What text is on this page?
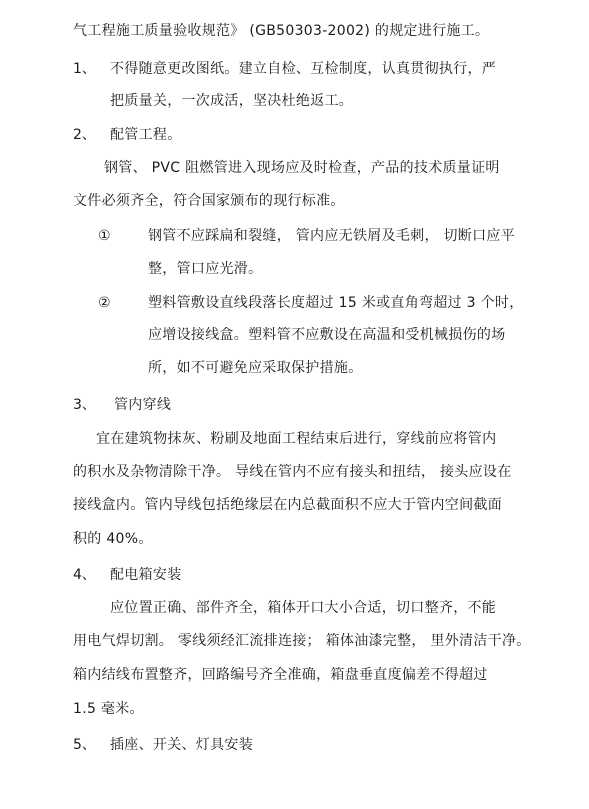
气工程施工质量验收规范》 (GB50303-2002) 的规定进行施工。
1、 不得随意更改图纸。建立自检、互检制度，认真贯彻执行，严
把质量关，一次成活，坚决杜绝返工。
2、 配管工程。
钢管、 PVC 阻燃管进入现场应及时检查，产品的技术质量证明
文件必须齐全，符合国家颁布的现行标准。
①	钢管不应踩扁和裂缝， 管内应无铁屑及毛刺， 切断口应平
整，管口应光滑。
②	塑料管敷设直线段落长度超过 15 米或直角弯超过 3 个时，
应增设接线盒。塑料管不应敷设在高温和受机械损伤的场
所，如不可避免应采取保护措施。
3、 管内穿线
宜在建筑物抹灰、粉刷及地面工程结束后进行，穿线前应将管内
的积水及杂物清除干净。 导线在管内不应有接头和扭结， 接头应设在
接线盒内。管内导线包括绝缘层在内总截面积不应大于管内空间截面
积的 40%。
4、 配电箱安装
应位置正确、部件齐全，箱体开口大小合适，切口整齐，不能
用电气焊切割。 零线须经汇流排连接； 箱体油漆完整， 里外清洁干净。
箱内结线布置整齐，回路编号齐全准确，箱盘垂直度偏差不得超过
1.5 毫米。
5、 插座、开关、灯具安装
